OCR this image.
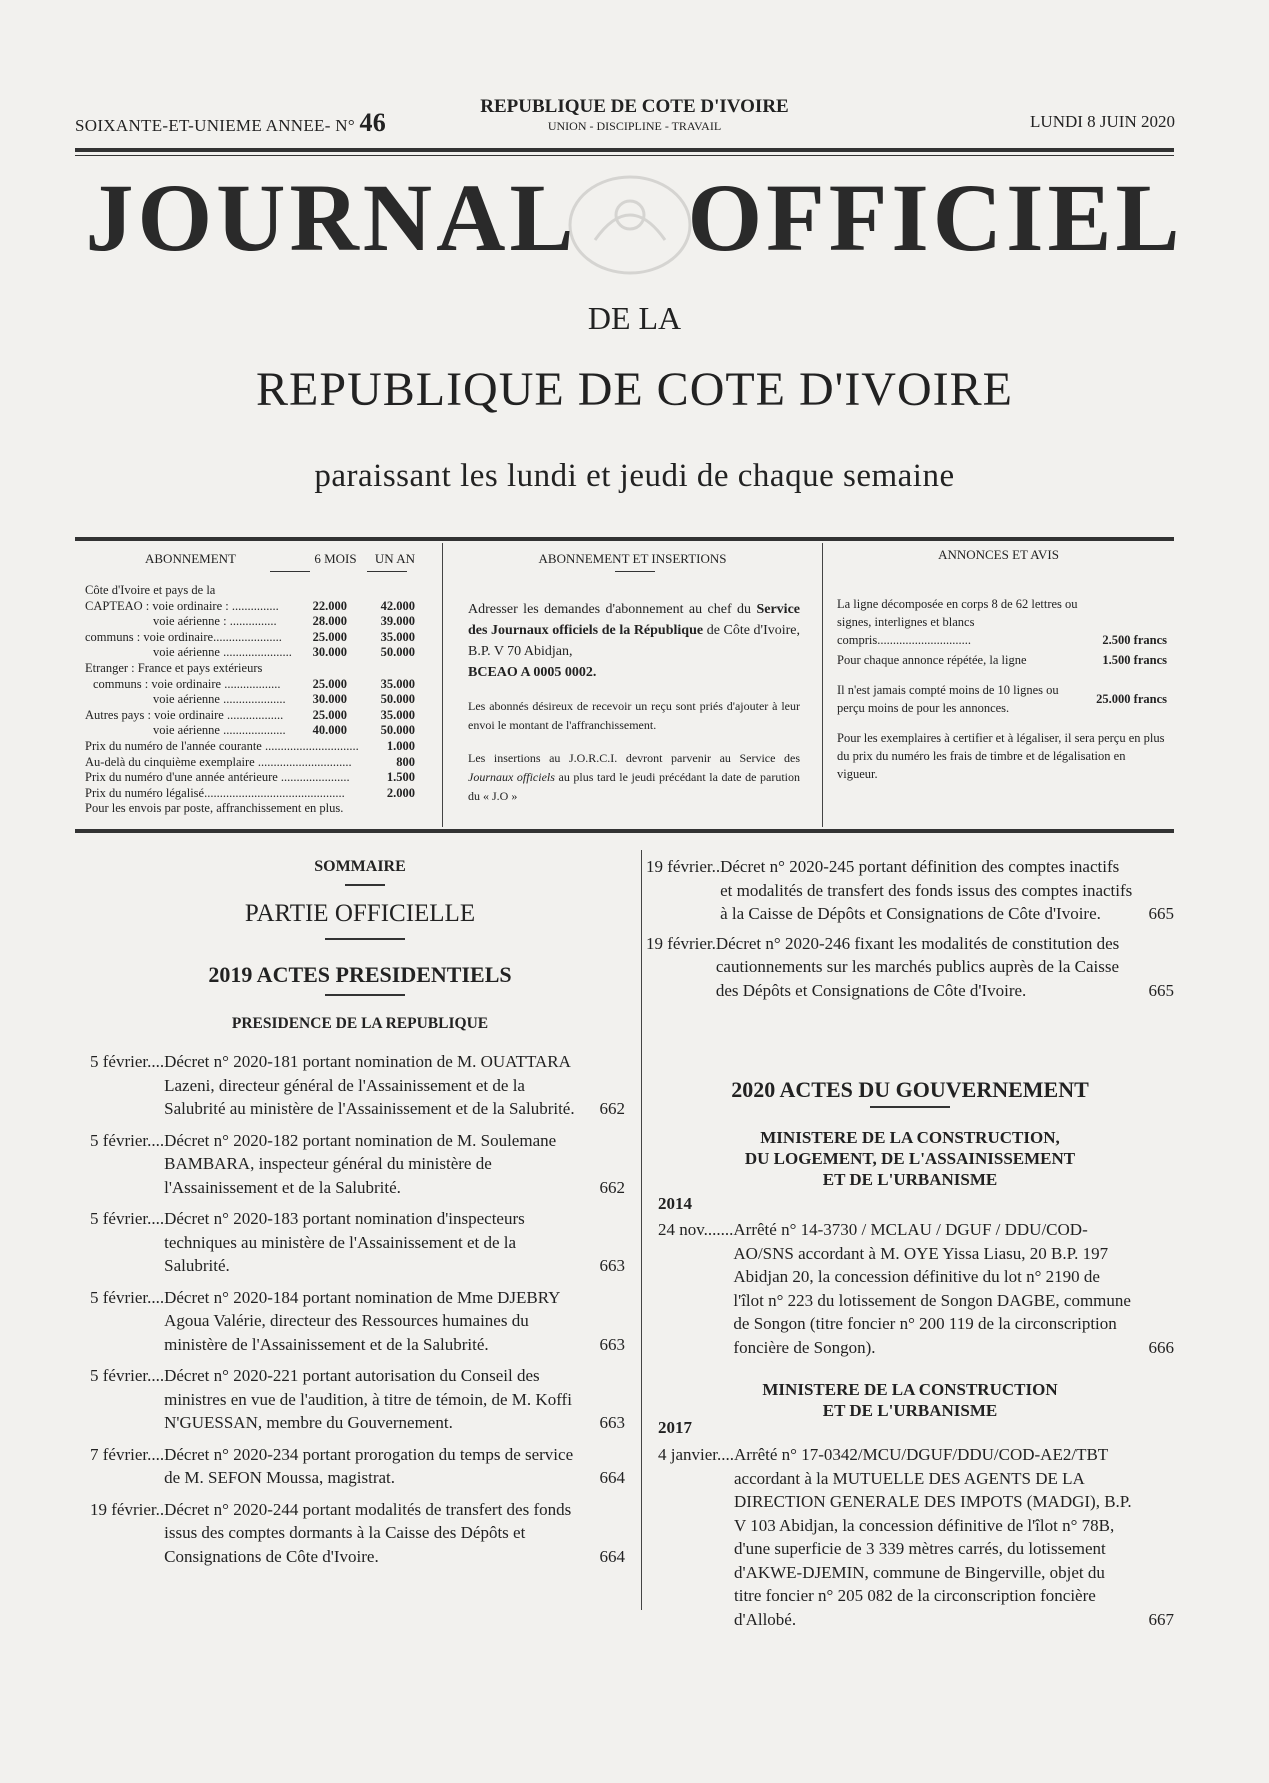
SOIXANTE-ET-UNIEME ANNEE- N° 46
REPUBLIQUE DE COTE D'IVOIRE
UNION - DISCIPLINE - TRAVAIL	LUNDI 8 JUIN 2020
JOURNAL OFFICIEL
DE LA
REPUBLIQUE DE COTE D'IVOIRE
paraissant les lundi et jeudi de chaque semaine
ABONNEMENT	6 MOIS UN AN
Côte d'Ivoire et pays de la
CAPTEAO : voie ordinaire : ...............	22.000	42.000
voie aérienne : ...............	28.000	39.000
communs : voie ordinaire......................	25.000	35.000
voie aérienne ......................	30.000	50.000
Etranger : France et pays extérieurs
communs : voie ordinaire ..................	25.000	35.000
voie aérienne ....................	30.000	50.000
Autres pays : voie ordinaire ..................	25.000	35.000
voie aérienne ....................	40.000	50.000
Prix du numéro de l'année courante ..............................	1.000
Au-delà du cinquième exemplaire ..............................	800
Prix du numéro d'une année antérieure ......................	1.500
Prix du numéro légalisé.............................................	2.000
Pour les envois par poste, affranchissement en plus.
ABONNEMENT ET INSERTIONS

Adresser les demandes d'abonnement au chef du Service des Journaux officiels de la République de Côte d'Ivoire, B.P. V 70 Abidjan,
BCEAO A 0005 0002.

Les abonnés désireux de recevoir un reçu sont priés d'ajouter à leur envoi le montant de l'affranchissement.

Les insertions au J.O.R.C.I. devront parvenir au Service des Journaux officiels au plus tard le jeudi précédant la date de parution du « J.O »

ANNONCES ET AVIS

La ligne décomposée en corps 8 de 62 lettres ou signes, interlignes et blancs compris..............................	2.500 francs

Pour chaque annonce répétée, la ligne	1.500 francs

Il n'est jamais compté moins de 10 lignes ou perçu moins de pour les annonces.
25.000 francs

Pour les exemplaires à certifier et à légaliser, il sera perçu en plus du prix du numéro les frais de timbre et de légalisation en vigueur.

SOMMAIRE
PARTIE OFFICIELLE
2019 ACTES PRESIDENTIELS
PRESIDENCE DE LA REPUBLIQUE
5 février.... Décret n° 2020-181 portant nomination de M. OUATTARA Lazeni, directeur général de l'Assainissement et de la Salubrité au ministère de l'Assainissement et de la Salubrité.	662
5 février.... Décret n° 2020-182 portant nomination de M. Soulemane BAMBARA, inspecteur général du ministère de l'Assainissement et de la Salubrité.	662
5 février.... Décret n° 2020-183 portant nomination d'inspecteurs techniques au ministère de l'Assainissement et de la Salubrité.	663
5 février.... Décret n° 2020-184 portant nomination de Mme DJEBRY Agoua Valérie, directeur des Ressources humaines du ministère de l'Assainissement et de la Salubrité.	663
5 février.... Décret n° 2020-221 portant autorisation du Conseil des ministres en vue de l'audition, à titre de témoin, de M. Koffi N'GUESSAN, membre du Gouvernement.	663
7 février.... Décret n° 2020-234 portant prorogation du temps de service de M. SEFON Moussa, magistrat.	664
19 février.. Décret n° 2020-244 portant modalités de transfert des fonds issus des comptes dormants à la Caisse des Dépôts et Consignations de Côte d'Ivoire.	664
19 février.. Décret n° 2020-245 portant définition des comptes inactifs et modalités de transfert des fonds issus des comptes inactifs à la Caisse de Dépôts et Consignations de Côte d'Ivoire.	665
19 février. Décret n° 2020-246 fixant les modalités de constitution des cautionnements sur les marchés publics auprès de la Caisse des Dépôts et Consignations de Côte d'Ivoire.	665
2020 ACTES DU GOUVERNEMENT
MINISTERE DE LA CONSTRUCTION,
DU LOGEMENT, DE L'ASSAINISSEMENT
ET DE L'URBANISME
2014
24 nov....... Arrêté n° 14-3730 / MCLAU / DGUF / DDU/COD-AO/SNS accordant à M. OYE Yissa Liasu, 20 B.P. 197 Abidjan 20, la concession définitive du lot n° 2190 de l'îlot n° 223 du lotissement de Songon DAGBE, commune de Songon (titre foncier n° 200 119 de la circonscription foncière de Songon).	666
MINISTERE DE LA CONSTRUCTION
ET DE L'URBANISME
2017
4 janvier.... Arrêté n° 17-0342/MCU/DGUF/DDU/COD-AE2/TBT accordant à la MUTUELLE DES AGENTS DE LA DIRECTION GENERALE DES IMPOTS (MADGI), B.P. V 103 Abidjan, la concession définitive de l'îlot n° 78B, d'une superficie de 3 339 mètres carrés, du lotissement d'AKWE-DJEMIN, commune de Bingerville, objet du titre foncier n° 205 082 de la circonscription foncière d'Allobé.	667
